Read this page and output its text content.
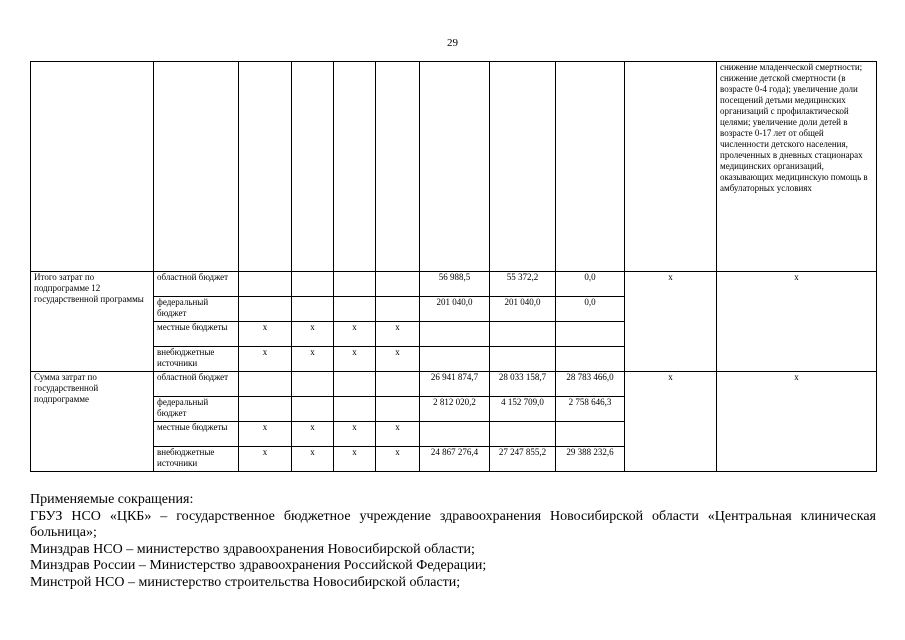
29
										снижение младенческой смертности; снижение детской смертности (в возрасте 0-4 года); увеличение доли посещений детьми медицинских организаций с профилактической целями; увеличение доли детей в возрасте 0-17 лет от общей численности детского населения, пролеченных в дневных стационарах медицинских организаций, оказывающих медицинскую помощь в амбулаторных условиях
Итого затрат по подпрограмме 12 государственной программы	областной бюджет					56 988,5	55 372,2	0,0	x	x
	федеральный бюджет					201 040,0	201 040,0	0,0		
	местные бюджеты	x	x	x	x					
	внебюджетные источники	x	x	x	x					
Сумма затрат по государственной подпрограмме	областной бюджет					26 941 874,7	28 033 158,7	28 783 466,0	x	x
	федеральный бюджет					2 812 020,2	4 152 709,0	2 758 646,3		
	местные бюджеты	x	x	x	x					
	внебюджетные источники	x	x	x	x	24 867 276,4	27 247 855,2	29 388 232,6		

Применяемые сокращения:

ГБУЗ НСО «ЦКБ» – государственное бюджетное учреждение здравоохранения Новосибирской области «Центральная клиническая больница»;

Минздрав НСО – министерство здравоохранения Новосибирской области;

Минздрав России – Министерство здравоохранения Российской Федерации;

Минстрой НСО – министерство строительства Новосибирской области;
